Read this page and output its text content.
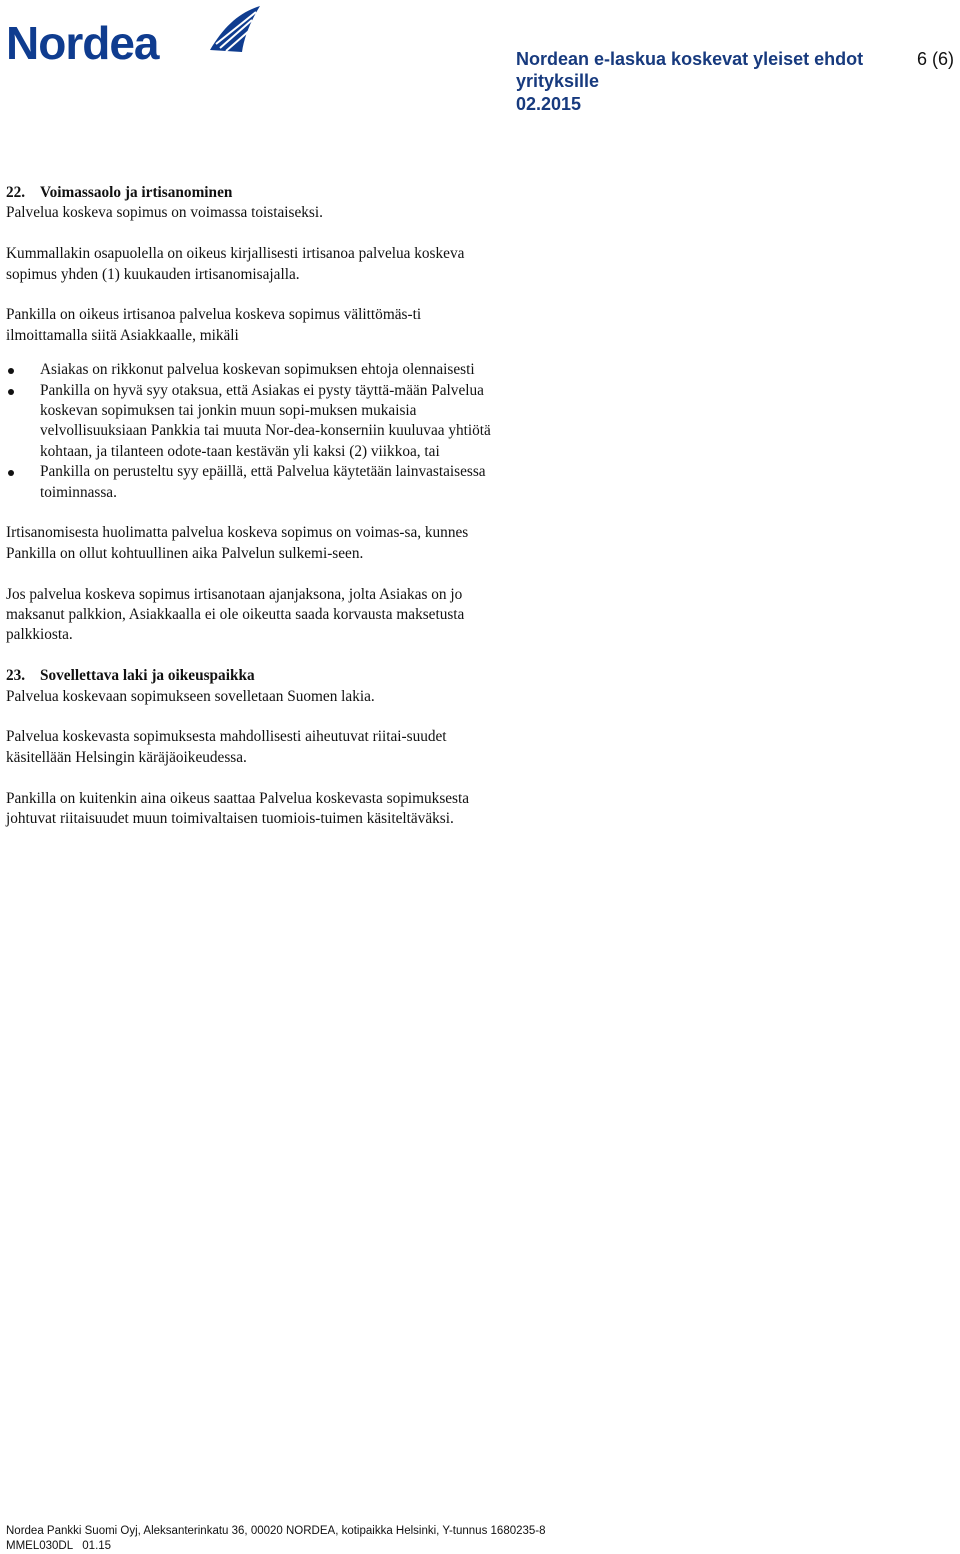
Nordea	Nordean e-laskua koskevat yleiset ehdot
yrityksille
02.2015
6 (6)
22. Voimassaolo ja irtisanominen

Palvelua koskeva sopimus on voimassa toistaiseksi.

Kummallakin osapuolella on oikeus kirjallisesti irtisanoa palvelua koskeva sopimus yhden (1) kuukauden irtisanomisajalla.

Pankilla on oikeus irtisanoa palvelua koskeva sopimus välittömäs-ti ilmoittamalla siitä Asiakkaalle, mikäli

Asiakas on rikkonut palvelua koskevan sopimuksen ehtoja olennaisesti
Pankilla on hyvä syy otaksua, että Asiakas ei pysty täyttä-mään Palvelua koskevan sopimuksen tai jonkin muun sopi-muksen mukaisia velvollisuuksiaan Pankkia tai muuta Nor-dea-konserniin kuuluvaa yhtiötä kohtaan, ja tilanteen odote-taan kestävän yli kaksi (2) viikkoa, tai
Pankilla on perusteltu syy epäillä, että Palvelua käytetään lainvastaisessa toiminnassa.

Irtisanomisesta huolimatta palvelua koskeva sopimus on voimas-sa, kunnes Pankilla on ollut kohtuullinen aika Palvelun sulkemi-seen.

Jos palvelua koskeva sopimus irtisanotaan ajanjaksona, jolta Asiakas on jo maksanut palkkion, Asiakkaalla ei ole oikeutta saada korvausta maksetusta palkkiosta.

23. Sovellettava laki ja oikeuspaikka

Palvelua koskevaan sopimukseen sovelletaan Suomen lakia.

Palvelua koskevasta sopimuksesta mahdollisesti aiheutuvat riitai-suudet käsitellään Helsingin käräjäoikeudessa.

Pankilla on kuitenkin aina oikeus saattaa Palvelua koskevasta sopimuksesta johtuvat riitaisuudet muun toimivaltaisen tuomiois-tuimen käsiteltäväksi.

Nordea Pankki Suomi Oyj, Aleksanterinkatu 36, 00020 NORDEA, kotipaikka Helsinki, Y-tunnus 1680235-8
MMEL030DL   01.15
